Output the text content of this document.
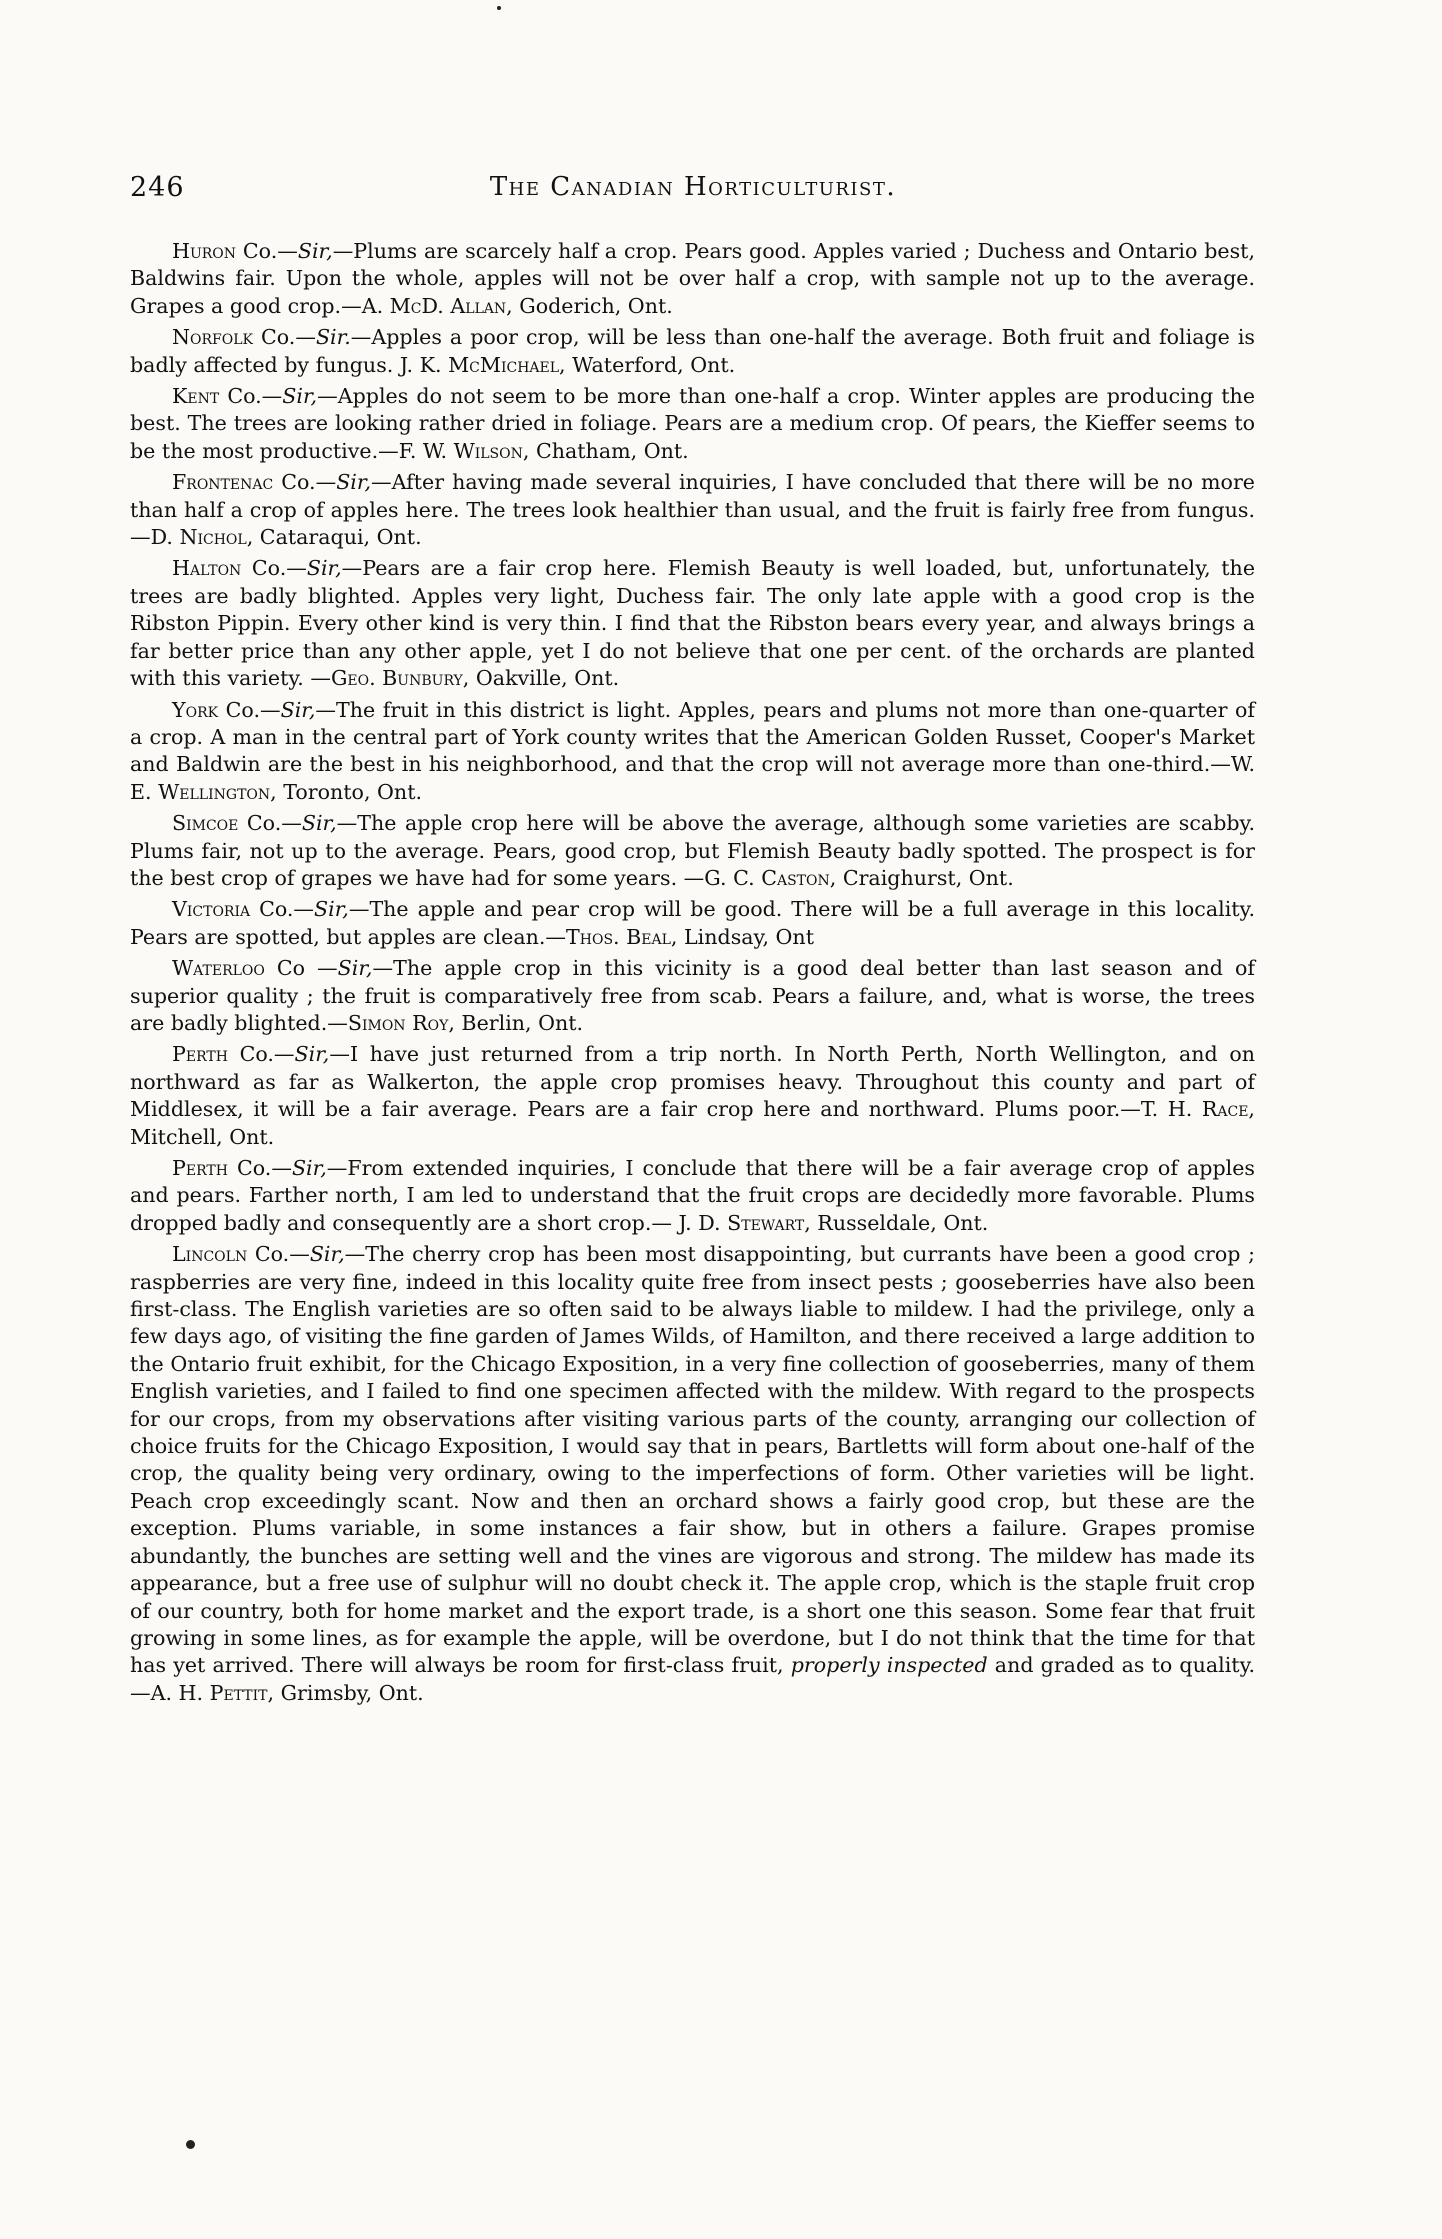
246	The Canadian Horticulturist.

Huron Co.—Sir,—Plums are scarcely half a crop. Pears good. Apples varied ; Duchess and Ontario best, Baldwins fair. Upon the whole, apples will not be over half a crop, with sample not up to the average. Grapes a good crop.—A. McD. Allan, Goderich, Ont.

Norfolk Co.—Sir.—Apples a poor crop, will be less than one-half the average. Both fruit and foliage is badly affected by fungus. J. K. McMichael, Waterford, Ont.

Kent Co.—Sir,—Apples do not seem to be more than one-half a crop. Winter apples are producing the best. The trees are looking rather dried in foliage. Pears are a medium crop. Of pears, the Kieffer seems to be the most productive.—F. W. Wilson, Chatham, Ont.

Frontenac Co.—Sir,—After having made several inquiries, I have concluded that there will be no more than half a crop of apples here. The trees look healthier than usual, and the fruit is fairly free from fungus.—D. Nichol, Cataraqui, Ont.

Halton Co.—Sir,—Pears are a fair crop here. Flemish Beauty is well loaded, but, unfortunately, the trees are badly blighted. Apples very light, Duchess fair. The only late apple with a good crop is the Ribston Pippin. Every other kind is very thin. I find that the Ribston bears every year, and always brings a far better price than any other apple, yet I do not believe that one per cent. of the orchards are planted with this variety. —Geo. Bunbury, Oakville, Ont.

York Co.—Sir,—The fruit in this district is light. Apples, pears and plums not more than one-quarter of a crop. A man in the central part of York county writes that the American Golden Russet, Cooper's Market and Baldwin are the best in his neighborhood, and that the crop will not average more than one-third.—W. E. Wellington, Toronto, Ont.

Simcoe Co.—Sir,—The apple crop here will be above the average, although some varieties are scabby. Plums fair, not up to the average. Pears, good crop, but Flemish Beauty badly spotted. The prospect is for the best crop of grapes we have had for some years. —G. C. Caston, Craighurst, Ont.

Victoria Co.—Sir,—The apple and pear crop will be good. There will be a full average in this locality. Pears are spotted, but apples are clean.—Thos. Beal, Lindsay, Ont

Waterloo Co —Sir,—The apple crop in this vicinity is a good deal better than last season and of superior quality ; the fruit is comparatively free from scab. Pears a failure, and, what is worse, the trees are badly blighted.—Simon Roy, Berlin, Ont.

Perth Co.—Sir,—I have just returned from a trip north. In North Perth, North Wellington, and on northward as far as Walkerton, the apple crop promises heavy. Throughout this county and part of Middlesex, it will be a fair average. Pears are a fair crop here and northward. Plums poor.—T. H. Race, Mitchell, Ont.

Perth Co.—Sir,—From extended inquiries, I conclude that there will be a fair average crop of apples and pears. Farther north, I am led to understand that the fruit crops are decidedly more favorable. Plums dropped badly and consequently are a short crop.— J. D. Stewart, Russeldale, Ont.

Lincoln Co.—Sir,—The cherry crop has been most disappointing, but currants have been a good crop ; raspberries are very fine, indeed in this locality quite free from insect pests ; gooseberries have also been first-class. The English varieties are so often said to be always liable to mildew. I had the privilege, only a few days ago, of visiting the fine garden of James Wilds, of Hamilton, and there received a large addition to the Ontario fruit exhibit, for the Chicago Exposition, in a very fine collection of gooseberries, many of them English varieties, and I failed to find one specimen affected with the mildew. With regard to the prospects for our crops, from my observations after visiting various parts of the county, arranging our collection of choice fruits for the Chicago Exposition, I would say that in pears, Bartletts will form about one-half of the crop, the quality being very ordinary, owing to the imperfections of form. Other varieties will be light. Peach crop exceedingly scant. Now and then an orchard shows a fairly good crop, but these are the exception. Plums variable, in some instances a fair show, but in others a failure. Grapes promise abundantly, the bunches are setting well and the vines are vigorous and strong. The mildew has made its appearance, but a free use of sulphur will no doubt check it. The apple crop, which is the staple fruit crop of our country, both for home market and the export trade, is a short one this season. Some fear that fruit growing in some lines, as for example the apple, will be overdone, but I do not think that the time for that has yet arrived. There will always be room for first-class fruit, properly inspected and graded as to quality.—A. H. Pettit, Grimsby, Ont.
